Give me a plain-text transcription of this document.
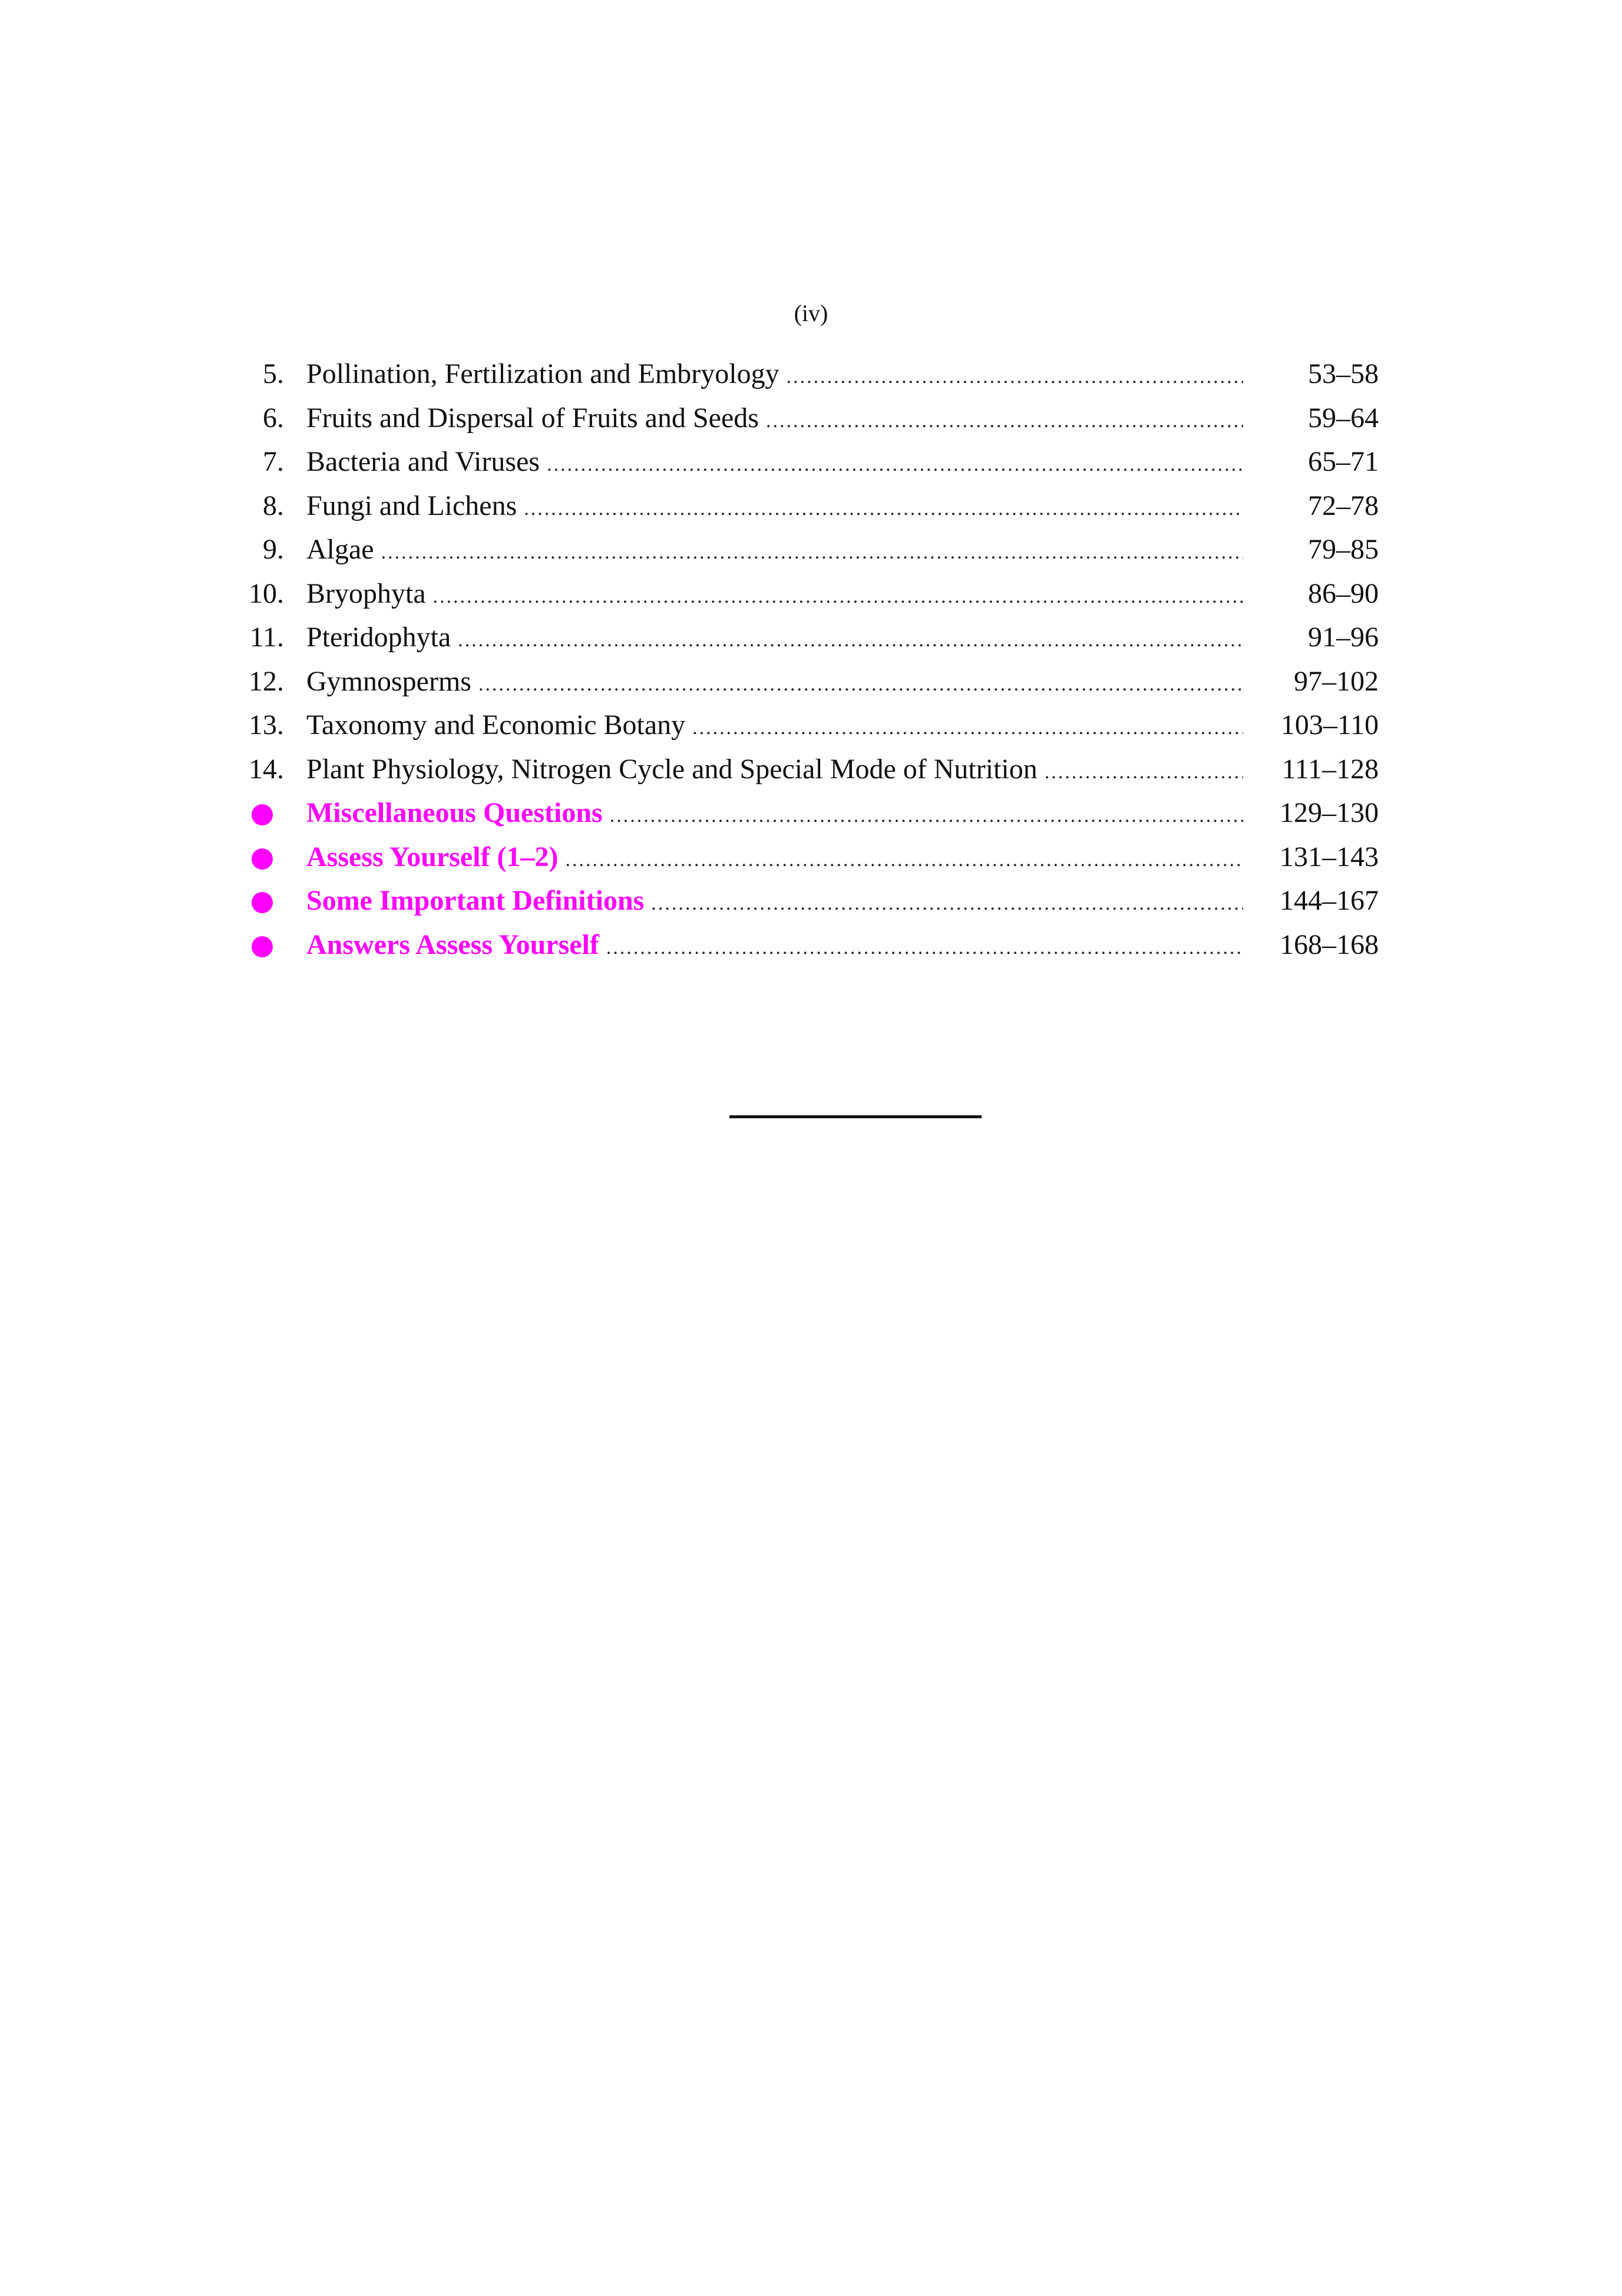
(iv)
5. Pollination, Fertilization and Embryology .....	53–58
6. Fruits and Dispersal of Fruits and Seeds .....	59–64
7. Bacteria and Viruses .....	65–71
8. Fungi and Lichens .....	72–78
9. Algae .....	79–85
10. Bryophyta .....	86–90
11. Pteridophyta .....	91–96
12. Gymnosperms .....	97–102
13. Taxonomy and Economic Botany .....	103–110
14. Plant Physiology, Nitrogen Cycle and Special Mode of Nutrition .....	111–128
Miscellaneous Questions .....	129–130
Assess Yourself (1–2) .....	131–143
Some Important Definitions .....	144–167
Answers Assess Yourself .....	168–168
